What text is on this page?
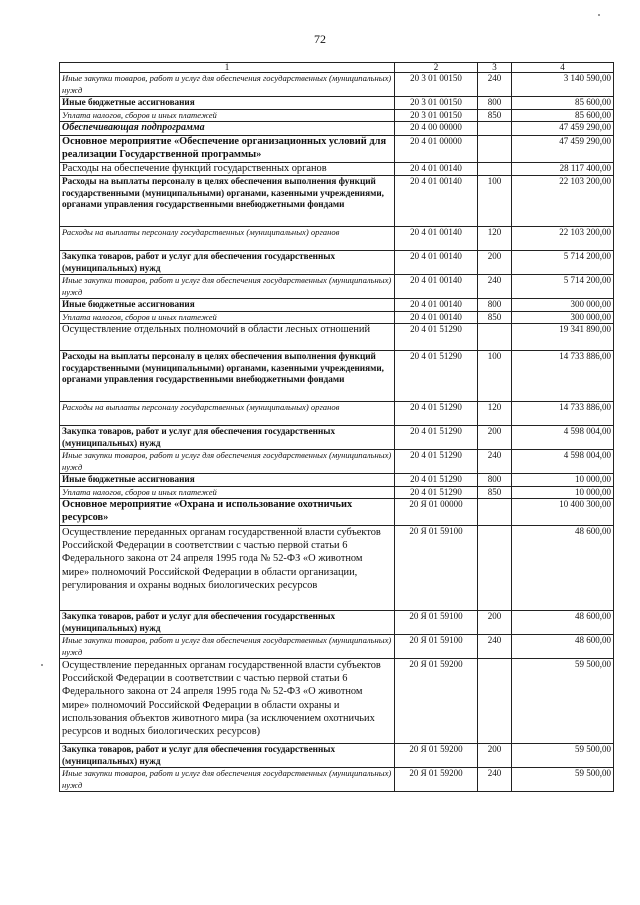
72
1	2	3	4
Иные закупки товаров, работ и услуг для обеспечения государственных (муниципальных) нужд	20 3 01 00150	240	3 140 590,00
Иные бюджетные ассигнования	20 3 01 00150	800	85 600,00
Уплата налогов, сборов и иных платежей	20 3 01 00150	850	85 600,00
Обеспечивающая подпрограмма	20 4 00 00000		47 459 290,00
Основное мероприятие «Обеспечение организационных условий для реализации Государственной программы»	20 4 01 00000		47 459 290,00
Расходы на обеспечение функций государственных органов	20 4 01 00140		28 117 400,00
Расходы на выплаты персоналу в целях обеспечения выполнения функций государственными (муниципальными) органами, казенными учреждениями, органами управления государственными внебюджетными фондами	20 4 01 00140	100	22 103 200,00
Расходы на выплаты персоналу государственных (муниципальных) органов	20 4 01 00140	120	22 103 200,00
Закупка товаров, работ и услуг для обеспечения государственных (муниципальных) нужд	20 4 01 00140	200	5 714 200,00
Иные закупки товаров, работ и услуг для обеспечения государственных (муниципальных) нужд	20 4 01 00140	240	5 714 200,00
Иные бюджетные ассигнования	20 4 01 00140	800	300 000,00
Уплата налогов, сборов и иных платежей	20 4 01 00140	850	300 000,00
Осуществление отдельных полномочий в области лесных отношений	20 4 01 51290		19 341 890,00
Расходы на выплаты персоналу в целях обеспечения выполнения функций государственными (муниципальными) органами, казенными учреждениями, органами управления государственными внебюджетными фондами	20 4 01 51290	100	14 733 886,00
Расходы на выплаты персоналу государственных (муниципальных) органов	20 4 01 51290	120	14 733 886,00
Закупка товаров, работ и услуг для обеспечения государственных (муниципальных) нужд	20 4 01 51290	200	4 598 004,00
Иные закупки товаров, работ и услуг для обеспечения государственных (муниципальных) нужд	20 4 01 51290	240	4 598 004,00
Иные бюджетные ассигнования	20 4 01 51290	800	10 000,00
Уплата налогов, сборов и иных платежей	20 4 01 51290	850	10 000,00
Основное мероприятие «Охрана и использование охотничьих ресурсов»	20 Я 01 00000		10 400 300,00
Осуществление переданных органам государственной власти субъектов Российской Федерации в соответствии с частью первой статьи 6 Федерального закона от 24 апреля 1995 года № 52-ФЗ «О животном мире» полномочий Российской Федерации в области организации, регулирования и охраны водных биологических ресурсов	20 Я 01 59100		48 600,00
Закупка товаров, работ и услуг для обеспечения государственных (муниципальных) нужд	20 Я 01 59100	200	48 600,00
Иные закупки товаров, работ и услуг для обеспечения государственных (муниципальных) нужд	20 Я 01 59100	240	48 600,00
Осуществление переданных органам государственной власти субъектов Российской Федерации в соответствии с частью первой статьи 6 Федерального закона от 24 апреля 1995 года № 52-ФЗ «О животном мире» полномочий Российской Федерации в области охраны и использования объектов животного мира (за исключением охотничьих ресурсов и водных биологических ресурсов)	20 Я 01 59200		59 500,00
Закупка товаров, работ и услуг для обеспечения государственных (муниципальных) нужд	20 Я 01 59200	200	59 500,00
Иные закупки товаров, работ и услуг для обеспечения государственных (муниципальных) нужд	20 Я 01 59200	240	59 500,00
